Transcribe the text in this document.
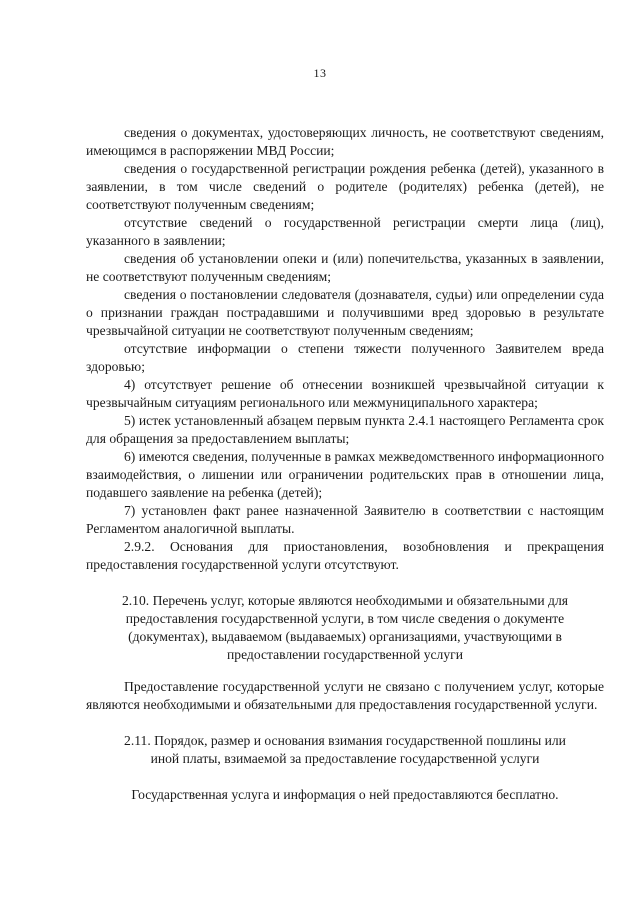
13

сведения о документах, удостоверяющих личность, не соответствуют сведениям, имеющимся в распоряжении МВД России;

сведения о государственной регистрации рождения ребенка (детей), указанного в заявлении, в том числе сведений о родителе (родителях) ребенка (детей), не соответствуют полученным сведениям;

отсутствие сведений о государственной регистрации смерти лица (лиц), указанного в заявлении;

сведения об установлении опеки и (или) попечительства, указанных в заявлении, не соответствуют полученным сведениям;

сведения о постановлении следователя (дознавателя, судьи) или определении суда о признании граждан пострадавшими и получившими вред здоровью в результате чрезвычайной ситуации не соответствуют полученным сведениям;

отсутствие информации о степени тяжести полученного Заявителем вреда здоровью;

4) отсутствует решение об отнесении возникшей чрезвычайной ситуации к чрезвычайным ситуациям регионального или межмуниципального характера;

5) истек установленный абзацем первым пункта 2.4.1 настоящего Регламента срок для обращения за предоставлением выплаты;

6) имеются сведения, полученные в рамках межведомственного информационного взаимодействия, о лишении или ограничении родительских прав в отношении лица, подавшего заявление на ребенка (детей);

7) установлен факт ранее назначенной Заявителю в соответствии с настоящим Регламентом аналогичной выплаты.

2.9.2. Основания для приостановления, возобновления и прекращения предоставления государственной услуги отсутствуют.

2.10. Перечень услуг, которые являются необходимыми и обязательными для предоставления государственной услуги, в том числе сведения о документе (документах), выдаваемом (выдаваемых) организациями, участвующими в предоставлении государственной услуги

Предоставление государственной услуги не связано с получением услуг, которые являются необходимыми и обязательными для предоставления государственной услуги.

2.11. Порядок, размер и основания взимания государственной пошлины или иной платы, взимаемой за предоставление государственной услуги

Государственная услуга и информация о ней предоставляются бесплатно.
